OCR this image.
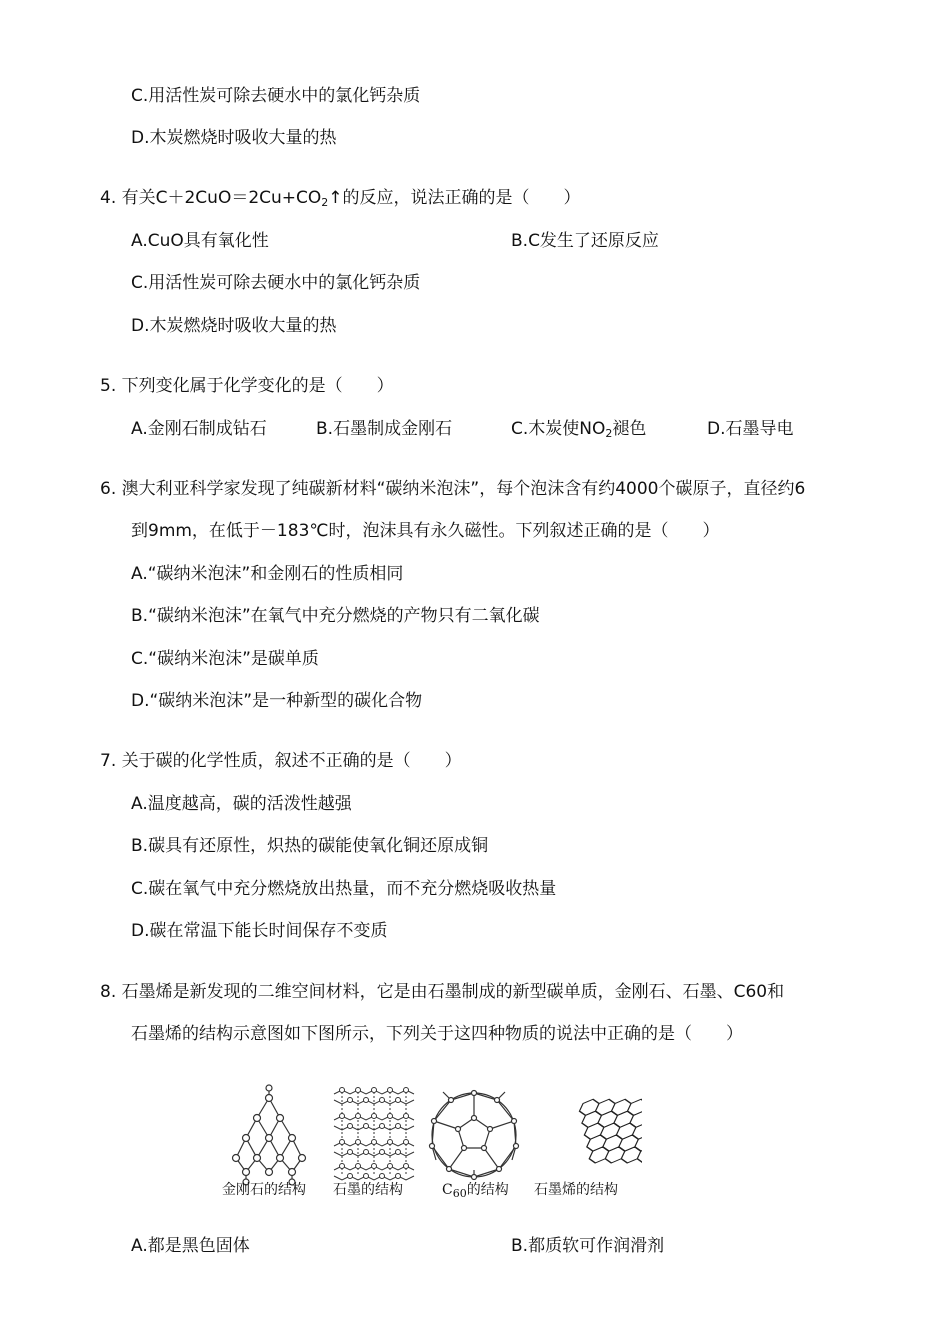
C.用活性炭可除去硬水中的氯化钙杂质
D.木炭燃烧时吸收大量的热
4. 有关$C+2CuO=2Cu+CO_2↑$的反应，说法正确的是（　　）
A.CuO具有氧化性	B.C发生了还原反应
C.用活性炭可除去硬水中的氯化钙杂质
D.木炭燃烧时吸收大量的热
5. 下列变化属于化学变化的是（　　）
A.金刚石制成钻石	B.石墨制成金刚石	C.木炭使$NO_2$褪色	D.石墨导电
6. 澳大利亚科学家发现了纯碳新材料“碳纳米泡沫”，每个泡沫含有约4000个碳原子，直径约6
到9mm，在低于－183℃时，泡沫具有永久磁性。下列叙述正确的是（　　）
A.“碳纳米泡沫”和金刚石的性质相同
B.“碳纳米泡沫”在氧气中充分燃烧的产物只有二氧化碳
C.“碳纳米泡沫”是碳单质
D.“碳纳米泡沫”是一种新型的碳化合物
7. 关于碳的化学性质，叙述不正确的是（　　）
A.温度越高，碳的活泼性越强
B.碳具有还原性，炽热的碳能使氧化铜还原成铜
C.碳在氧气中充分燃烧放出热量，而不充分燃烧吸收热量
D.碳在常温下能长时间保存不变质
8. 石墨烯是新发现的二维空间材料，它是由石墨制成的新型碳单质，金刚石、石墨、C60和
石墨烯的结构示意图如下图所示，下列关于这四种物质的说法中正确的是（　　）
金刚石的结构 石墨的结构	$C_{60}$的结构 石墨烯的结构
A.都是黑色固体	B.都质软可作润滑剂
